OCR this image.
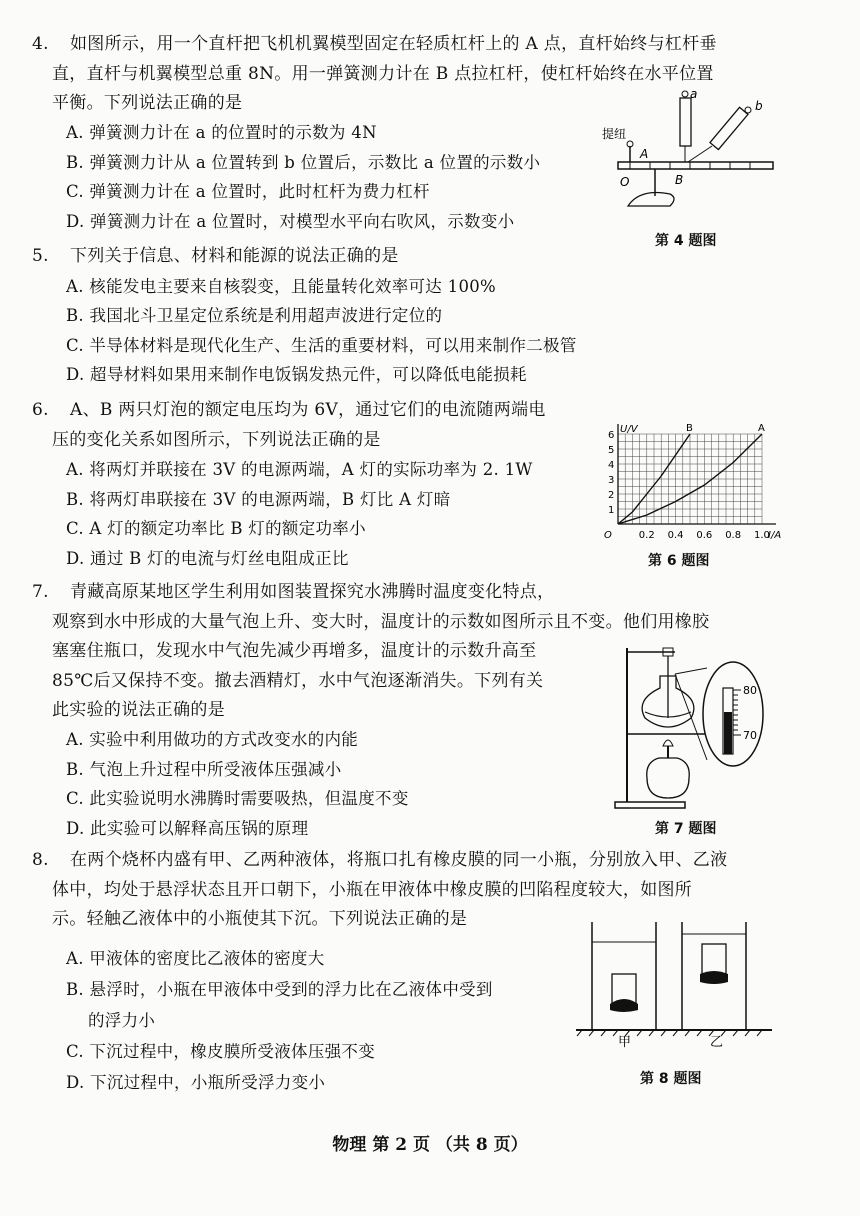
4.	如图所示，用一个直杆把飞机机翼模型固定在轻质杠杆上的 A 点，直杆始终与杠杆垂
直，直杆与机翼模型总重 8N。用一弹簧测力计在 B 点拉杠杆，使杠杆始终在水平位置
平衡。下列说法正确的是
A. 弹簧测力计在 a 的位置时的示数为 4N
B. 弹簧测力计从 a 位置转到 b 位置后，示数比 a 位置的示数小
C. 弹簧测力计在 a 位置时，此时杠杆为费力杠杆
D. 弹簧测力计在 a 位置时，对模型水平向右吹风，示数变小
提纽
A
B
O
a
b
第 4 题图
5.	下列关于信息、材料和能源的说法正确的是
A. 核能发电主要来自核裂变，且能量转化效率可达 100%
B. 我国北斗卫星定位系统是利用超声波进行定位的
C. 半导体材料是现代化生产、生活的重要材料，可以用来制作二极管
D. 超导材料如果用来制作电饭锅发热元件，可以降低电能损耗
6.	A、B 两只灯泡的额定电压均为 6V，通过它们的电流随两端电
压的变化关系如图所示，下列说法正确的是
A. 将两灯并联接在 3V 的电源两端，A 灯的实际功率为 2. 1W
B. 将两灯串联接在 3V 的电源两端，B 灯比 A 灯暗
C. A 灯的额定功率比 B 灯的额定功率小
D. 通过 B 灯的电流与灯丝电阻成正比
0.2 0.4 0.6 0.8 1.0
1
2
3
4
5
6
O	I/A
U/V	B	A
第 6 题图
7.	青藏高原某地区学生利用如图装置探究水沸腾时温度变化特点，
观察到水中形成的大量气泡上升、变大时，温度计的示数如图所示且不变。他们用橡胶
塞塞住瓶口，发现水中气泡先减少再增多，温度计的示数升高至
85℃后又保持不变。撤去酒精灯，水中气泡逐渐消失。下列有关
此实验的说法正确的是
A. 实验中利用做功的方式改变水的内能
B. 气泡上升过程中所受液体压强减小
C. 此实验说明水沸腾时需要吸热，但温度不变
D. 此实验可以解释高压锅的原理
80
70
第 7 题图
8.	在两个烧杯内盛有甲、乙两种液体，将瓶口扎有橡皮膜的同一小瓶，分别放入甲、乙液
体中，均处于悬浮状态且开口朝下，小瓶在甲液体中橡皮膜的凹陷程度较大，如图所
示。轻触乙液体中的小瓶使其下沉。下列说法正确的是
A. 甲液体的密度比乙液体的密度大
B. 悬浮时，小瓶在甲液体中受到的浮力比在乙液体中受到
的浮力小
C. 下沉过程中，橡皮膜所受液体压强不变
D. 下沉过程中，小瓶所受浮力变小
甲	乙
第 8 题图
物理 第 2 页 （共 8 页）
